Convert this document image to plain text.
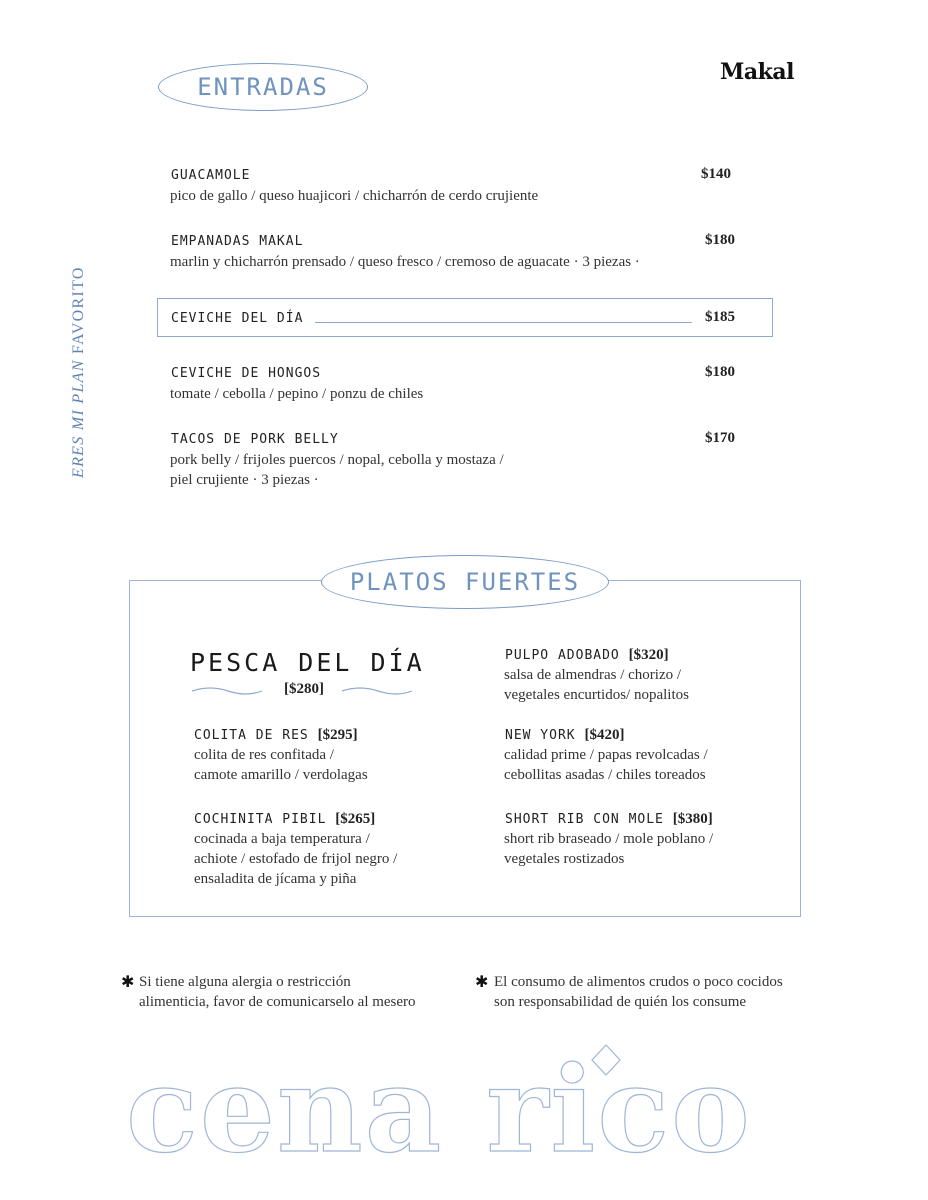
Makal
ERES MI PLAN FAVORITO
ENTRADAS
GUACAMOLE	$140
pico de gallo / queso huajicori / chicharrón de cerdo crujiente
EMPANADAS MAKAL	$180
marlin y chicharrón prensado / queso fresco / cremoso de aguacate · 3 piezas ·
CEVICHE DEL DÍA	$185
CEVICHE DE HONGOS	$180
tomate / cebolla / pepino / ponzu de chiles
TACOS DE PORK BELLY	$170
pork belly / frijoles puercos / nopal, cebolla y mostaza /
piel crujiente · 3 piezas ·
PLATOS FUERTES
PESCA DEL DÍA
[$280]
COLITA DE RES [$295]
colita de res confitada /
camote amarillo / verdolagas
COCHINITA PIBIL [$265]
cocinada a baja temperatura /
achiote / estofado de frijol negro /
ensaladita de jícama y piña
PULPO ADOBADO [$320]
salsa de almendras / chorizo /
vegetales encurtidos/ nopalitos
NEW YORK [$420]
calidad prime / papas revolcadas /
cebollitas asadas / chiles toreados
SHORT RIB CON MOLE [$380]
short rib braseado / mole poblano /
vegetales rostizados
✱ Si tiene alguna alergia o restricción
alimenticia, favor de comunicarselo al mesero
✱ El consumo de alimentos crudos o poco cocidos
son responsabilidad de quién los consume
cena rico
